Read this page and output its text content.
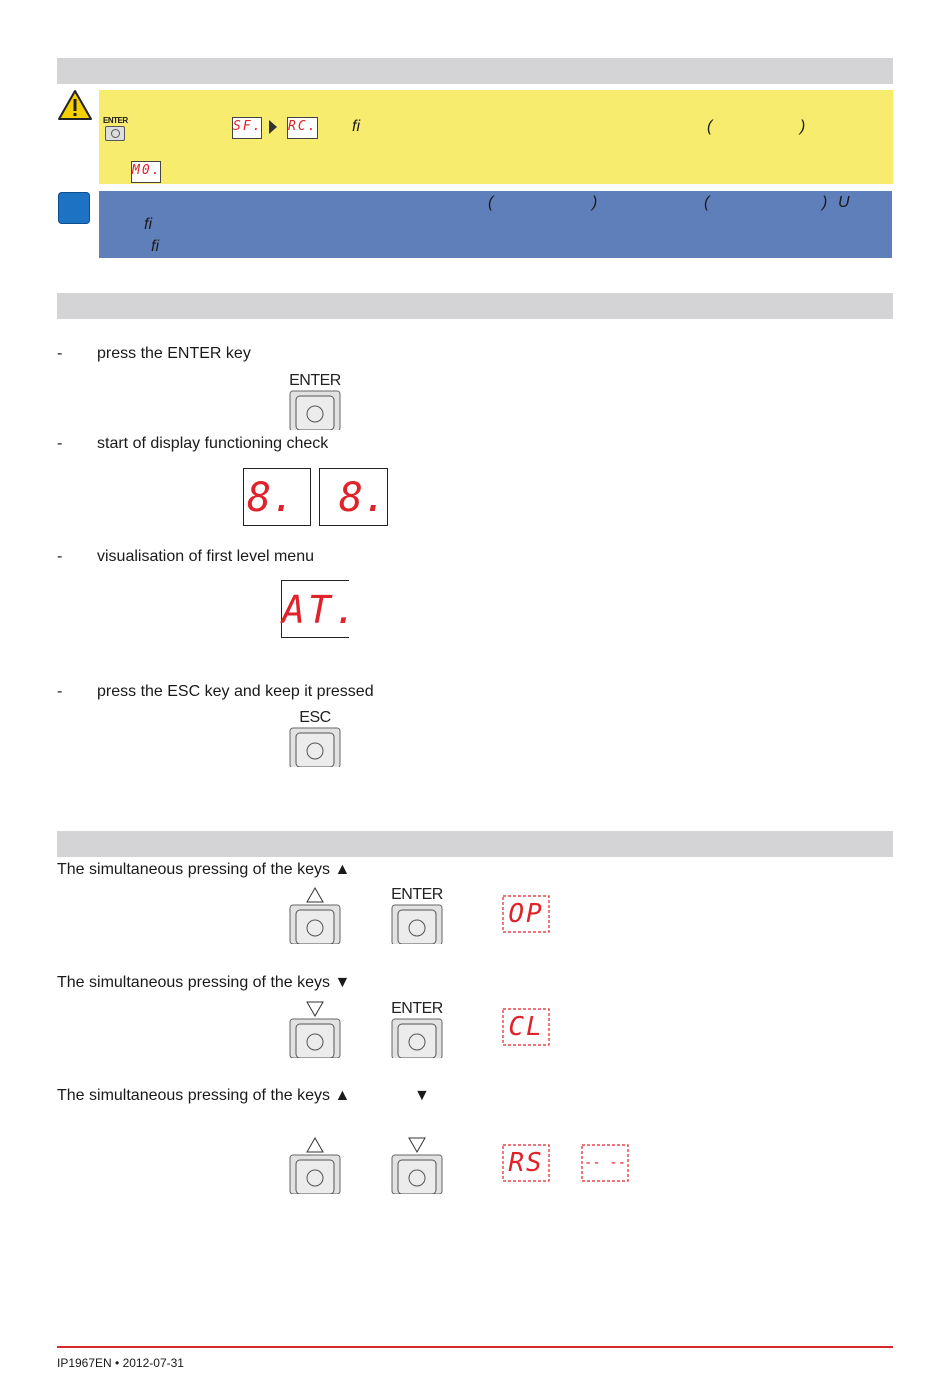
ENTER	SF. RC. fi	(	)
M0.
(	)	(	) U
fi
fi
- press the ENTER key
ENTER
- start of display functioning check
8.	8.
- visualisation of first level menu
AT.
- press the ESC key and keep it pressed
ESC
The simultaneous pressing of the keys ▲
ENTER
OP
The simultaneous pressing of the keys ▼
ENTER
CL
The simultaneous pressing of the keys ▲	▼
RS	-- --
IP1967EN • 2012-07-31
